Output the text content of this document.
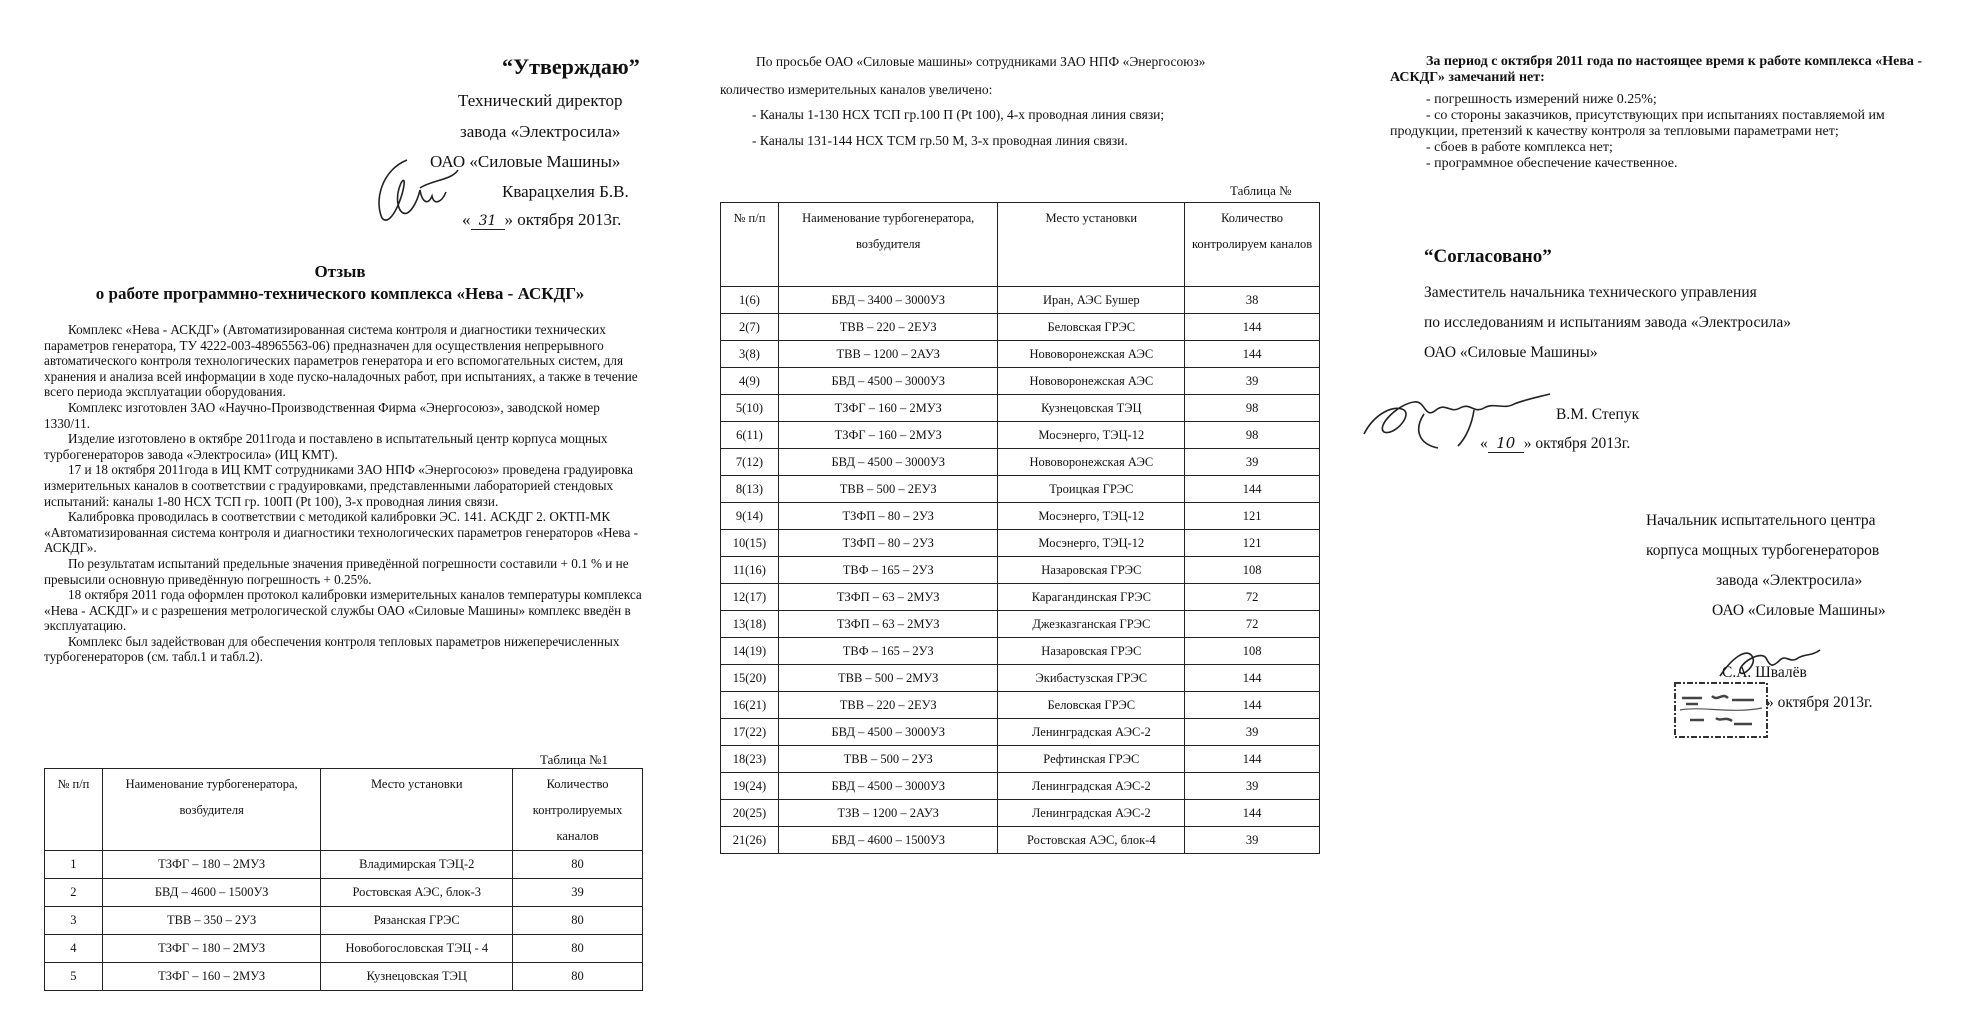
“Утверждаю”
Технический директор
завода «Электросила»
ОАО «Силовые Машины»
Кварацхелия Б.В.
« 31 » октября 2013г.
Отзыв
о работе программно-технического комплекса «Нева - АСКДГ»

Комплекс «Нева - АСКДГ» (Автоматизированная система контроля и диагностики технических параметров генератора, ТУ 4222-003-48965563-06) предназначен для осуществления непрерывного автоматического контроля технологических параметров генератора и его вспомогательных систем, для хранения и анализа всей информации в ходе пуско-наладочных работ, при испытаниях, а также в течение всего периода эксплуатации оборудования.

Комплекс изготовлен ЗАО «Научно-Производственная Фирма «Энергосоюз», заводской номер 1330/11.

Изделие изготовлено в октябре 2011года и поставлено в испытательный центр корпуса мощных турбогенераторов завода «Электросила» (ИЦ КМТ).

17 и 18 октября 2011года в ИЦ КМТ сотрудниками ЗАО НПФ «Энергосоюз» проведена градуировка измерительных каналов в соответствии с градуировками, представленными лабораторией стендовых испытаний: каналы 1-80 НСХ ТСП гр. 100П (Pt 100), 3-х проводная линия связи.

Калибровка проводилась в соответствии с методикой калибровки ЭС. 141. АСКДГ 2. ОКТП-МК «Автоматизированная система контроля и диагностики технологических параметров генераторов «Нева - АСКДГ».

По результатам испытаний предельные значения приведённой погрешности составили + 0.1 % и не превысили основную приведённую погрешность + 0.25%.

18 октября 2011 года оформлен протокол калибровки измерительных каналов температуры комплекса «Нева - АСКДГ» и с разрешения метрологической службы ОАО «Силовые Машины» комплекс введён в эксплуатацию.

Комплекс был задействован для обеспечения контроля тепловых параметров нижеперечисленных турбогенераторов (см. табл.1 и табл.2).

Таблица №1
№ п/п	Наименование турбогенератора, возбудителя	Место установки	Количество контролируемых каналов
1	ТЗФГ – 180 – 2МУЗ	Владимирская ТЭЦ-2	80
2	БВД – 4600 – 1500УЗ	Ростовская АЭС, блок-3	39
3	ТВВ – 350 – 2УЗ	Рязанская ГРЭС	80
4	ТЗФГ – 180 – 2МУЗ	Новобогословская ТЭЦ - 4	80
5	ТЗФГ – 160 – 2МУЗ	Кузнецовская ТЭЦ	80
По просьбе ОАО «Силовые машины» сотрудниками ЗАО НПФ «Энергосоюз»
количество измерительных каналов увеличено:
- Каналы 1-130 НСХ ТСП гр.100 П (Pt 100), 4-х проводная линия связи;
- Каналы 131-144 НСХ ТСМ гр.50 М, 3-х проводная линия связи.
Таблица №
№ п/п	Наименование турбогенератора, возбудителя	Место установки	Количество контролируем каналов
1(6)	БВД – 3400 – 3000УЗ	Иран, АЭС Бушер	38
2(7)	ТВВ – 220 – 2ЕУЗ	Беловская ГРЭС	144
3(8)	ТВВ – 1200 – 2АУЗ	Нововоронежская АЭС	144
4(9)	БВД – 4500 – 3000УЗ	Нововоронежская АЭС	39
5(10)	ТЗФГ – 160 – 2МУЗ	Кузнецовская ТЭЦ	98
6(11)	ТЗФГ – 160 – 2МУЗ	Мосэнерго, ТЭЦ-12	98
7(12)	БВД – 4500 – 3000УЗ	Нововоронежская АЭС	39
8(13)	ТВВ – 500 – 2ЕУЗ	Троицкая ГРЭС	144
9(14)	ТЗФП – 80 – 2УЗ	Мосэнерго, ТЭЦ-12	121
10(15)	ТЗФП – 80 – 2УЗ	Мосэнерго, ТЭЦ-12	121
11(16)	ТВФ – 165 – 2УЗ	Назаровская ГРЭС	108
12(17)	ТЗФП – 63 – 2МУЗ	Карагандинская ГРЭС	72
13(18)	ТЗФП – 63 – 2МУЗ	Джезказганская ГРЭС	72
14(19)	ТВФ – 165 – 2УЗ	Назаровская ГРЭС	108
15(20)	ТВВ – 500 – 2МУЗ	Экибастузская ГРЭС	144
16(21)	ТВВ – 220 – 2ЕУЗ	Беловская ГРЭС	144
17(22)	БВД – 4500 – 3000УЗ	Ленинградская АЭС-2	39
18(23)	ТВВ – 500 – 2УЗ	Рефтинская ГРЭС	144
19(24)	БВД – 4500 – 3000УЗ	Ленинградская АЭС-2	39
20(25)	ТЗВ – 1200 – 2АУЗ	Ленинградская АЭС-2	144
21(26)	БВД – 4600 – 1500УЗ	Ростовская АЭС, блок-4	39
За период с октября 2011 года по настоящее время к работе комплекса «Нева -
АСКДГ» замечаний нет:
- погрешность измерений ниже 0.25%;
- со стороны заказчиков, присутствующих при испытаниях поставляемой им
продукции, претензий к качеству контроля за тепловыми параметрами нет;
- сбоев в работе комплекса нет;
- программное обеспечение качественное.
“Согласовано”
Заместитель начальника технического управления
по исследованиям и испытаниям завода «Электросила»
ОАО «Силовые Машины»
В.М. Степук
« 10 » октября 2013г.
Начальник испытательного центра
корпуса мощных турбогенераторов
завода «Электросила»
ОАО «Силовые Машины»
С.А. Швалёв
» октября 2013г.
